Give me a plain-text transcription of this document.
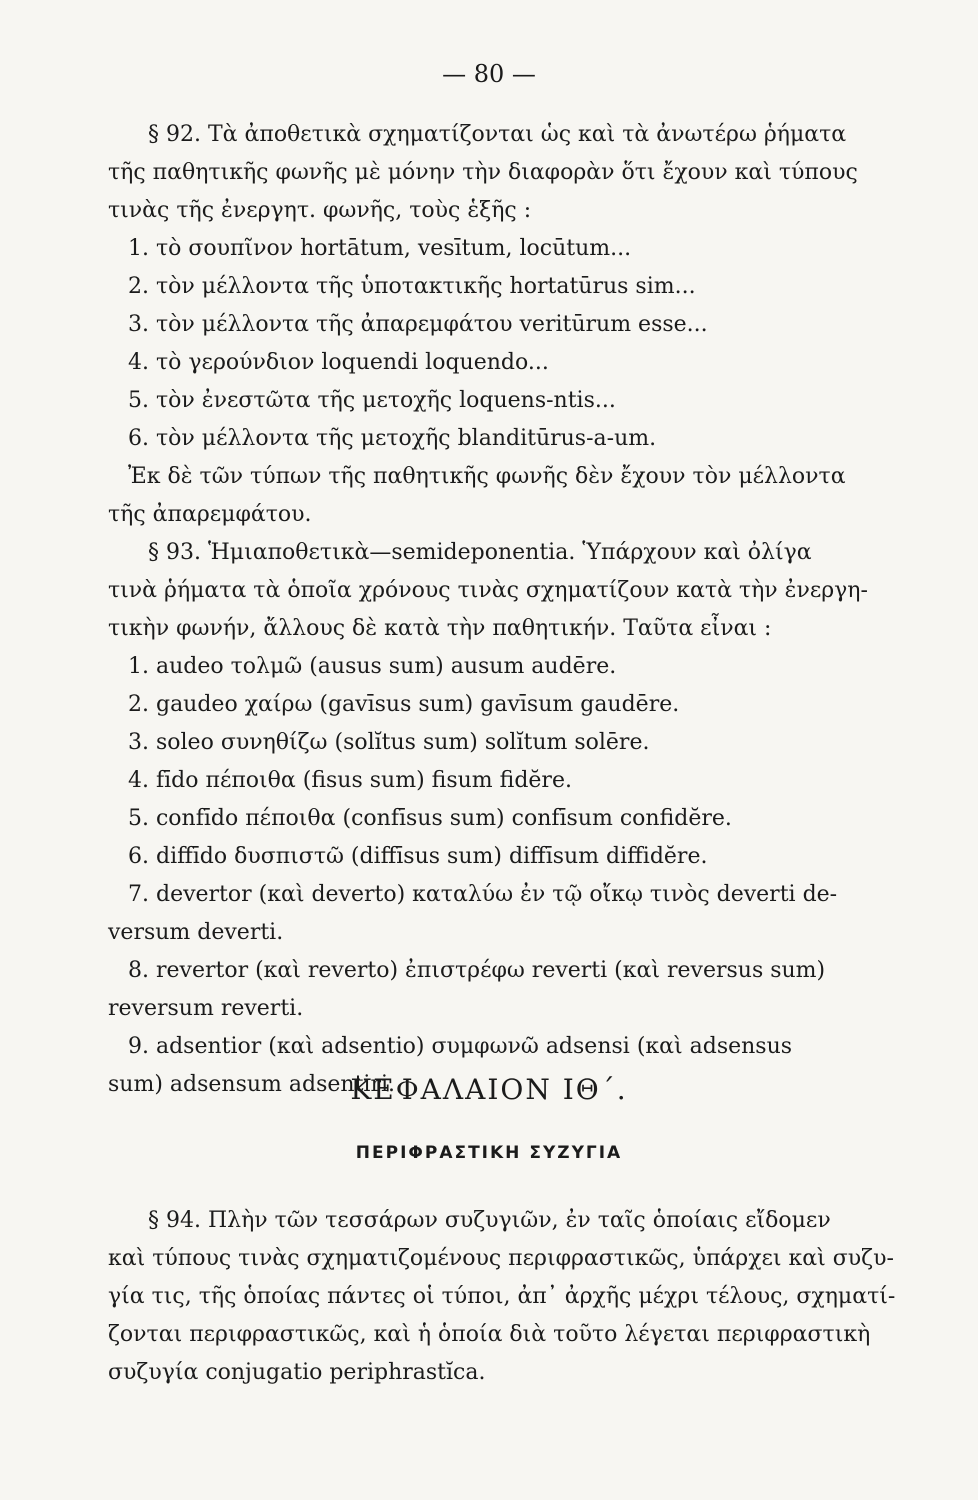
— 80 —
§ 92. Τὰ ἀποθετικὰ σχηματίζονται ὡς καὶ τὰ ἀνωτέρω ῥήματα
τῆς παθητικῆς φωνῆς μὲ μόνην τὴν διαφορὰν ὅτι ἔχουν καὶ τύπους
τινὰς τῆς ἐνεργητ. φωνῆς, τοὺς ἑξῆς :
1. τὸ σουπῖνον hortātum, vesītum, locūtum...
2. τὸν μέλλοντα τῆς ὑποτακτικῆς hortatūrus sim...
3. τὸν μέλλοντα τῆς ἀπαρεμφάτου veritūrum esse...
4. τὸ γερούνδιον loquendi loquendo...
5. τὸν ἐνεστῶτα τῆς μετοχῆς loquens-ntis...
6. τὸν μέλλοντα τῆς μετοχῆς blanditūrus-a-um.
Ἐκ δὲ τῶν τύπων τῆς παθητικῆς φωνῆς δὲν ἔχουν τὸν μέλλοντα
τῆς ἀπαρεμφάτου.
§ 93. Ἡμιαποθετικὰ—semideponentia. Ὑπάρχουν καὶ ὀλίγα
τινὰ ῥήματα τὰ ὁποῖα χρόνους τινὰς σχηματίζουν κατὰ τὴν ἐνεργη-
τικὴν φωνήν, ἄλλους δὲ κατὰ τὴν παθητικήν. Ταῦτα εἶναι :
1. audeo τολμῶ (ausus sum) ausum audēre.
2. gaudeo χαίρω (gavīsus sum) gavīsum gaudēre.
3. soleo συνηθίζω (solĭtus sum) solĭtum solēre.
4. fīdo πέποιθα (fisus sum) fisum fidĕre.
5. confīdo πέποιθα (confīsus sum) confīsum confidĕre.
6. diffīdo δυσπιστῶ (diffīsus sum) diffīsum diffidĕre.
7. devertor (καὶ deverto) καταλύω ἐν τῷ οἴκῳ τινὸς deverti de-
versum deverti.
8. revertor (καὶ reverto) ἐπιστρέφω reverti (καὶ reversus sum)
reversum reverti.
9. adsentior (καὶ adsentio) συμφωνῶ adsensi (καὶ adsensus
sum) adsensum adsentiri.
ΚΕΦΑΛΑΙΟΝ ΙΘ΄.
ΠΕΡΙΦΡΑΣΤΙΚΗ ΣΥΖΥΓΙΑ
§ 94. Πλὴν τῶν τεσσάρων συζυγιῶν, ἐν ταῖς ὁποίαις εἴδομεν
καὶ τύπους τινὰς σχηματιζομένους περιφραστικῶς, ὑπάρχει καὶ συζυ-
γία τις, τῆς ὁποίας πάντες οἱ τύποι, ἀπ᾿ ἀρχῆς μέχρι τέλους, σχηματί-
ζονται περιφραστικῶς, καὶ ἡ ὁποία διὰ τοῦτο λέγεται περιφραστικὴ
συζυγία conjugatio periphrastĭca.
